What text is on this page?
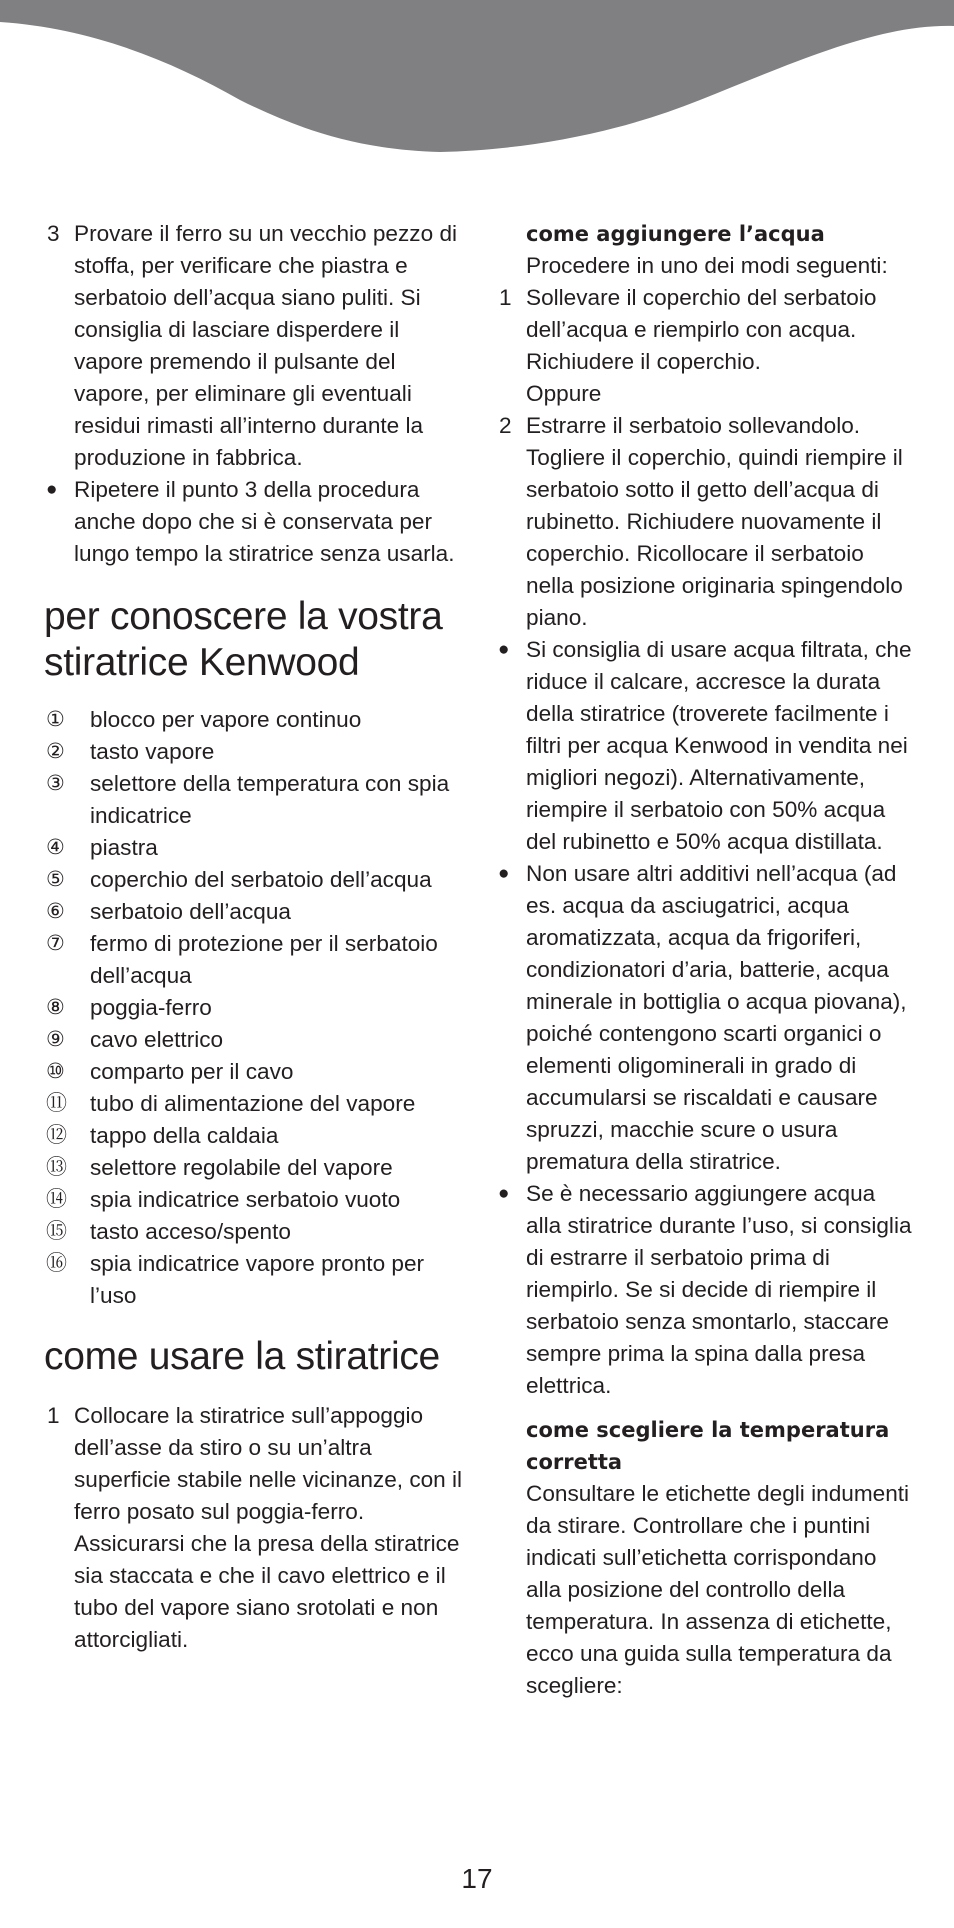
3 Provare il ferro su un vecchio pezzo di stoffa, per verificare che piastra e serbatoio dell’acqua siano puliti. Si consiglia di lasciare disperdere il vapore premendo il pulsante del vapore, per eliminare gli eventuali residui rimasti all’interno durante la produzione in fabbrica.
● Ripetere il punto 3 della procedura anche dopo che si è conservata per lungo tempo la stiratrice senza usarla.
per conoscere la vostra stiratrice Kenwood
①	blocco per vapore continuo
②	tasto vapore
③	selettore della temperatura con spia indicatrice
④	piastra
⑤	coperchio del serbatoio dell’acqua
⑥	serbatoio dell’acqua
⑦	fermo di protezione per il serbatoio dell’acqua
⑧	poggia-ferro
⑨	cavo elettrico
⑩	comparto per il cavo
⑪	tubo di alimentazione del vapore
⑫	tappo della caldaia
⑬	selettore regolabile del vapore
⑭	spia indicatrice serbatoio vuoto
⑮	tasto acceso/spento
⑯	spia indicatrice vapore pronto per l’uso
come usare la stiratrice
1 Collocare la stiratrice sull’appoggio dell’asse da stiro o su un’altra superficie stabile nelle vicinanze, con il ferro posato sul poggia-ferro. Assicurarsi che la presa della stiratrice sia staccata e che il cavo elettrico e il tubo del vapore siano srotolati e non attorcigliati.

come aggiungere l’acqua

Procedere in uno dei modi seguenti:

1 Sollevare il coperchio del serbatoio dell’acqua e riempirlo con acqua. Richiudere il coperchio.

Oppure

2 Estrarre il serbatoio sollevandolo. Togliere il coperchio, quindi riempire il serbatoio sotto il getto dell’acqua di rubinetto. Richiudere nuovamente il coperchio. Ricollocare il serbatoio nella posizione originaria spingendolo piano.
● Si consiglia di usare acqua filtrata, che riduce il calcare, accresce la durata della stiratrice (troverete facilmente i filtri per acqua Kenwood in vendita nei migliori negozi). Alternativamente, riempire il serbatoio con 50% acqua del rubinetto e 50% acqua distillata.
● Non usare altri additivi nell’acqua (ad es. acqua da asciugatrici, acqua aromatizzata, acqua da frigoriferi, condizionatori d’aria, batterie, acqua minerale in bottiglia o acqua piovana), poiché contengono scarti organici o elementi oligominerali in grado di accumularsi se riscaldati e causare spruzzi, macchie scure o usura prematura della stiratrice.
● Se è necessario aggiungere acqua alla stiratrice durante l’uso, si consiglia di estrarre il serbatoio prima di riempirlo. Se si decide di riempire il serbatoio senza smontarlo, staccare sempre prima la spina dalla presa elettrica.

come scegliere la temperatura corretta

Consultare le etichette degli indumenti da stirare. Controllare che i puntini indicati sull’etichetta corrispondano alla posizione del controllo della temperatura. In assenza di etichette, ecco una guida sulla temperatura da scegliere:

17
